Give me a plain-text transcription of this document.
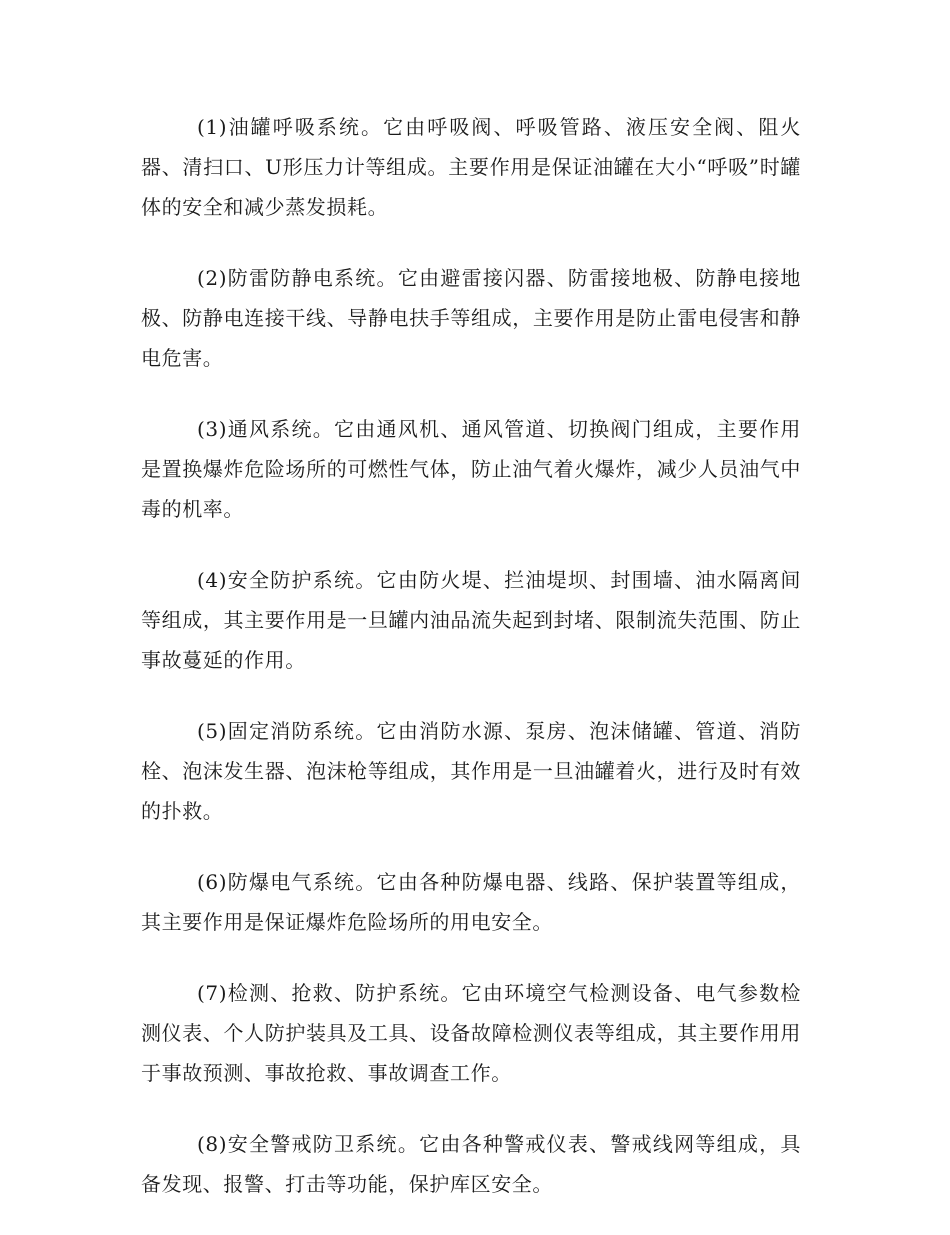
(1)油罐呼吸系统。它由呼吸阀、呼吸管路、液压安全阀、阻火器、清扫口、U形压力计等组成。主要作用是保证油罐在大小“呼吸”时罐体的安全和减少蒸发损耗。

(2)防雷防静电系统。它由避雷接闪器、防雷接地极、防静电接地极、防静电连接干线、导静电扶手等组成，主要作用是防止雷电侵害和静电危害。

(3)通风系统。它由通风机、通风管道、切换阀门组成，主要作用是置换爆炸危险场所的可燃性气体，防止油气着火爆炸，减少人员油气中毒的机率。

(4)安全防护系统。它由防火堤、拦油堤坝、封围墙、油水隔离间等组成，其主要作用是一旦罐内油品流失起到封堵、限制流失范围、防止事故蔓延的作用。

(5)固定消防系统。它由消防水源、泵房、泡沫储罐、管道、消防栓、泡沫发生器、泡沫枪等组成，其作用是一旦油罐着火，进行及时有效的扑救。

(6)防爆电气系统。它由各种防爆电器、线路、保护装置等组成，其主要作用是保证爆炸危险场所的用电安全。

(7)检测、抢救、防护系统。它由环境空气检测设备、电气参数检测仪表、个人防护装具及工具、设备故障检测仪表等组成，其主要作用用于事故预测、事故抢救、事故调查工作。

(8)安全警戒防卫系统。它由各种警戒仪表、警戒线网等组成，具备发现、报警、打击等功能，保护库区安全。
